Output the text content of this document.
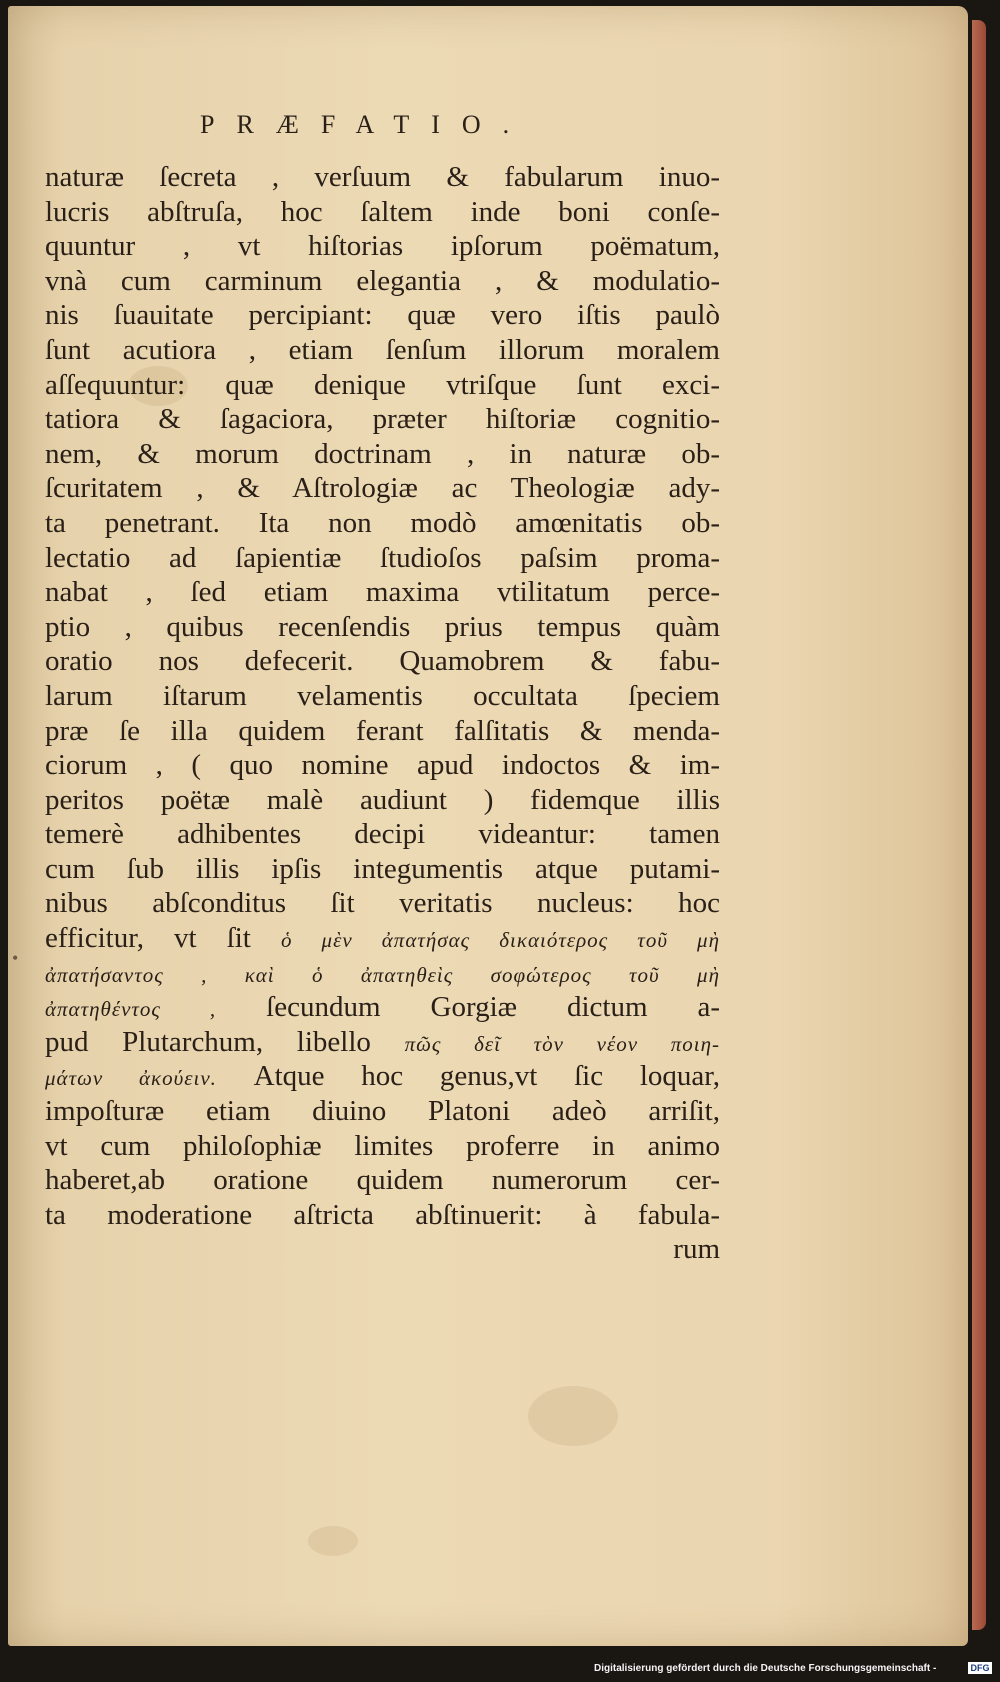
PRÆFATIO.
•
naturæ ſecreta , verſuum & fabularum inuo-
lucris abſtruſa, hoc ſaltem inde boni conſe-
quuntur , vt hiſtorias ipſorum poëmatum,
vnà cum carminum elegantia , & modulatio-
nis ſuauitate percipiant: quæ vero iſtis paulò
ſunt acutiora , etiam ſenſum illorum moralem
aſſequuntur: quæ denique vtriſque ſunt exci-
tatiora & ſagaciora, præter hiſtoriæ cognitio-
nem, & morum doctrinam , in naturæ ob-
ſcuritatem , & Aſtrologiæ ac Theologiæ ady-
ta penetrant. Ita non modò amœnitatis ob-
lectatio ad ſapientiæ ſtudioſos paſsim proma-
nabat , ſed etiam maxima vtilitatum perce-
ptio , quibus recenſendis prius tempus quàm
oratio nos defecerit. Quamobrem & fabu-
larum iſtarum velamentis occultata ſpeciem
præ ſe illa quidem ferant falſitatis & menda-
ciorum , ( quo nomine apud indoctos & im-
peritos poëtæ malè audiunt ) fidemque illis
temerè adhibentes decipi videantur: tamen
cum ſub illis ipſis integumentis atque putami-
nibus abſconditus ſit veritatis nucleus: hoc
efficitur, vt ſit ὁ μὲν ἀπατήσας δικαιότερος τοῦ μὴ
ἀπατήσαντος , καὶ ὁ ἀπατηθεὶς σοφώτερος τοῦ μὴ
ἀπατηθέντος , ſecundum Gorgiæ dictum a-
pud Plutarchum, libello πῶς δεῖ τὸν νέον ποιη-
μάτων ἀκούειν. Atque hoc genus,vt ſic loquar,
impoſturæ etiam diuino Platoni adeò arriſit,
vt cum philoſophiæ limites proferre in animo
haberet,ab oratione quidem numerorum cer-
ta moderatione aſtricta abſtinuerit: à fabula-
rum
Digitalisierung gefördert durch die Deutsche Forschungsgemeinschaft -	DFG
